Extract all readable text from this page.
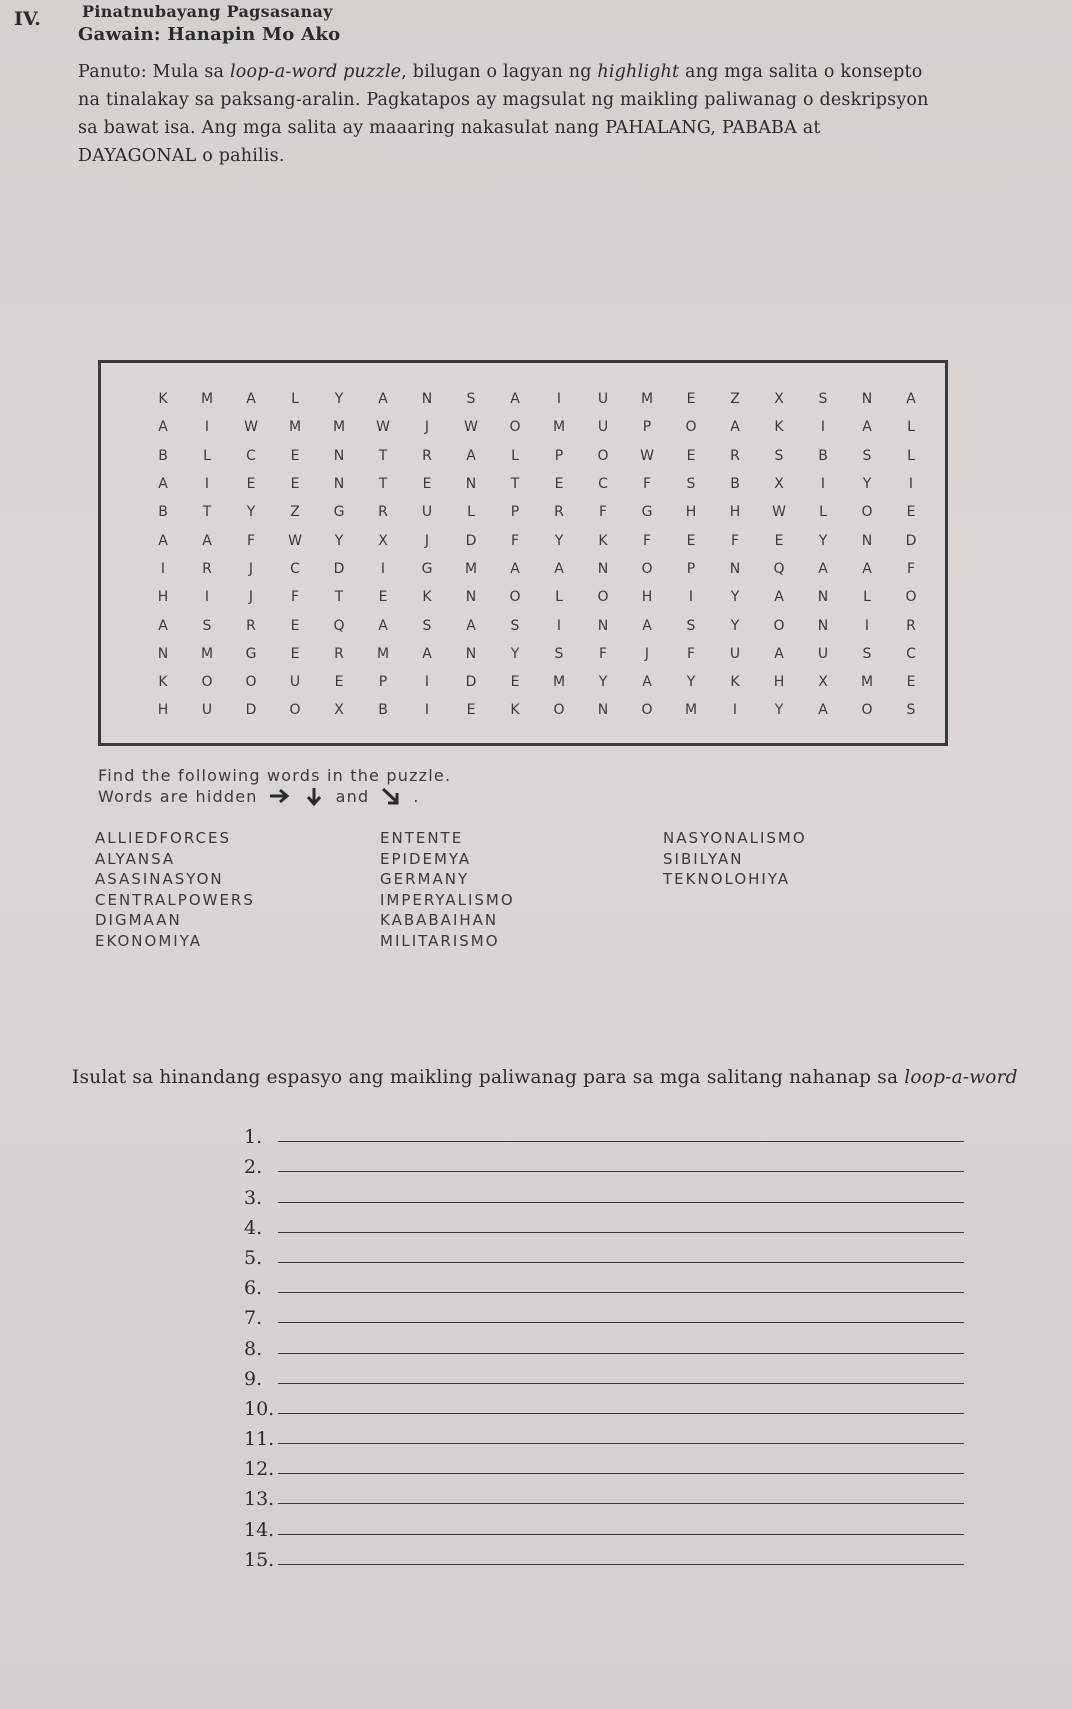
IV.	Pinatnubayang Pagsasanay
Gawain: Hanapin Mo Ako

Panuto: Mula sa loop-a-word puzzle, bilugan o lagyan ng highlight ang mga salita o konsepto na tinalakay sa paksang-aralin. Pagkatapos ay magsulat ng maikling paliwanag o deskripsyon sa bawat isa. Ang mga salita ay maaaring nakasulat nang PAHALANG, PABABA at DAYAGONAL o pahilis.

K	M	A	L	Y	A	N	S	A	I	U	M	E	Z	X	S	N	A
A	I	W	M	M	W	J	W	O	M	U	P	O	A	K	I	A	L
B	L	C	E	N	T	R	A	L	P	O	W	E	R	S	B	S	L
A	I	E	E	N	T	E	N	T	E	C	F	S	B	X	I	Y	I
B	T	Y	Z	G	R	U	L	P	R	F	G	H	H	W	L	O	E
A	A	F	W	Y	X	J	D	F	Y	K	F	E	F	E	Y	N	D
I	R	J	C	D	I	G	M	A	A	N	O	P	N	Q	A	A	F
H	I	J	F	T	E	K	N	O	L	O	H	I	Y	A	N	L	O
A	S	R	E	Q	A	S	A	S	I	N	A	S	Y	O	N	I	R
N	M	G	E	R	M	A	N	Y	S	F	J	F	U	A	U	S	C
K	O	O	U	E	P	I	D	E	M	Y	A	Y	K	H	X	M	E
H	U	D	O	X	B	I	E	K	O	N	O	M	I	Y	A	O	S
Find the following words in the puzzle.
Words are hidden	and	.
ALLIEDFORCES
ALYANSA
ASASINASYON
CENTRALPOWERS
DIGMAAN
EKONOMIYA
ENTENTE
EPIDEMYA
GERMANY
IMPERYALISMO
KABABAIHAN
MILITARISMO
NASYONALISMO
SIBILYAN
TEKNOLOHIYA

Isulat sa hinandang espasyo ang maikling paliwanag para sa mga salitang nahanap sa loop-a-word

1.
2.
3.
4.
5.
6.
7.
8.
9.
10.
11.
12.
13.
14.
15.
